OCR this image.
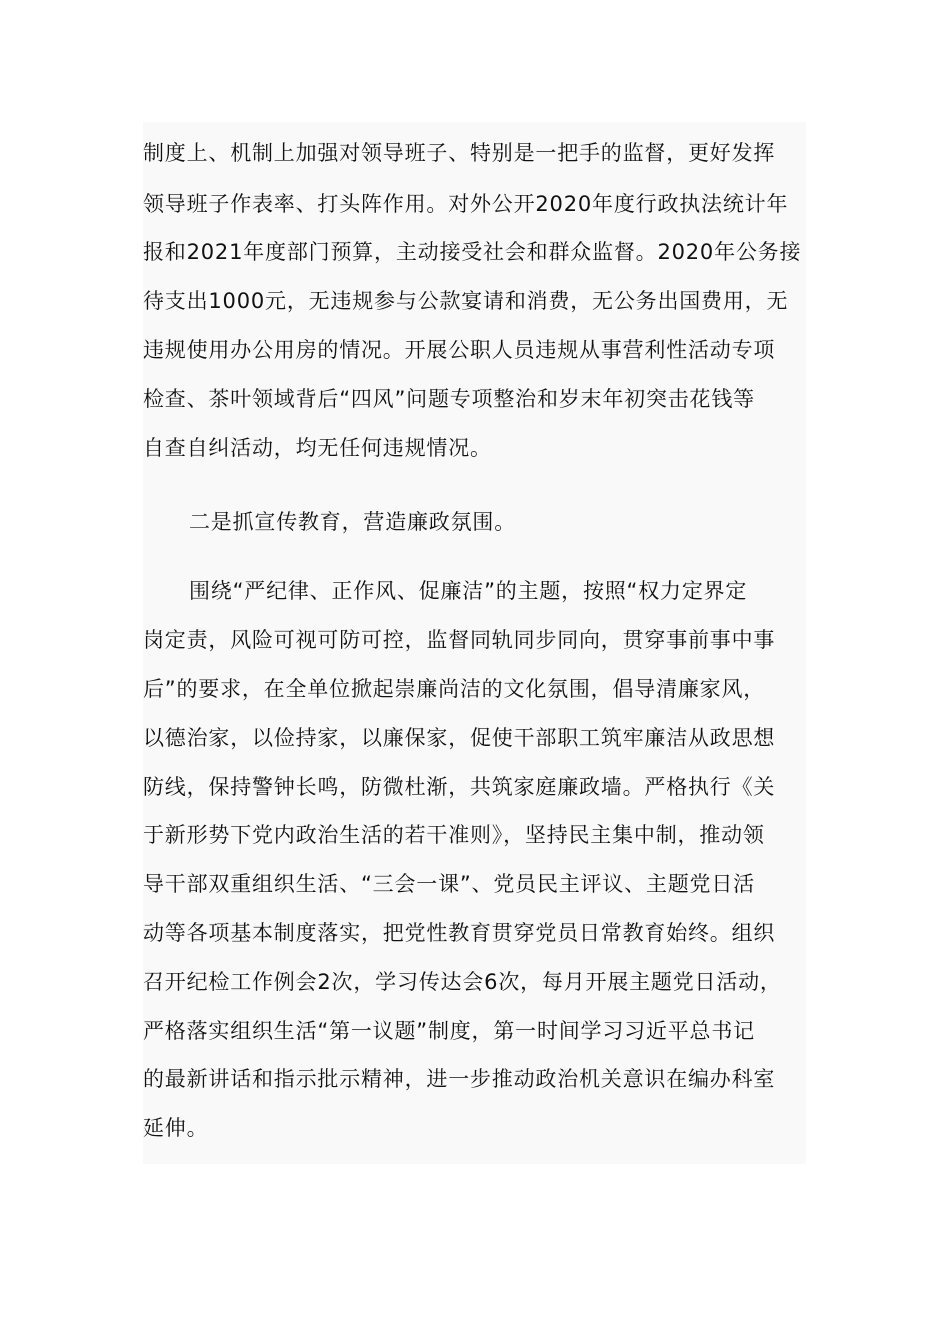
制度上、机制上加强对领导班子、特别是一把手的监督，更好发挥
领导班子作表率、打头阵作用。对外公开2020年度行政执法统计年
报和2021年度部门预算，主动接受社会和群众监督。2020年公务接
待支出1000元，无违规参与公款宴请和消费，无公务出国费用，无
违规使用办公用房的情况。开展公职人员违规从事营利性活动专项
检查、茶叶领域背后“四风”问题专项整治和岁末年初突击花钱等
自查自纠活动，均无任何违规情况。
二是抓宣传教育，营造廉政氛围。
围绕“严纪律、正作风、促廉洁”的主题，按照“权力定界定
岗定责，风险可视可防可控，监督同轨同步同向，贯穿事前事中事
后”的要求，在全单位掀起崇廉尚洁的文化氛围，倡导清廉家风，
以德治家，以俭持家，以廉保家，促使干部职工筑牢廉洁从政思想
防线，保持警钟长鸣，防微杜渐，共筑家庭廉政墙。严格执行《关
于新形势下党内政治生活的若干准则》，坚持民主集中制，推动领
导干部双重组织生活、“三会一课”、党员民主评议、主题党日活
动等各项基本制度落实，把党性教育贯穿党员日常教育始终。组织
召开纪检工作例会2次，学习传达会6次，每月开展主题党日活动，
严格落实组织生活“第一议题”制度，第一时间学习习近平总书记
的最新讲话和指示批示精神，进一步推动政治机关意识在编办科室
延伸。
